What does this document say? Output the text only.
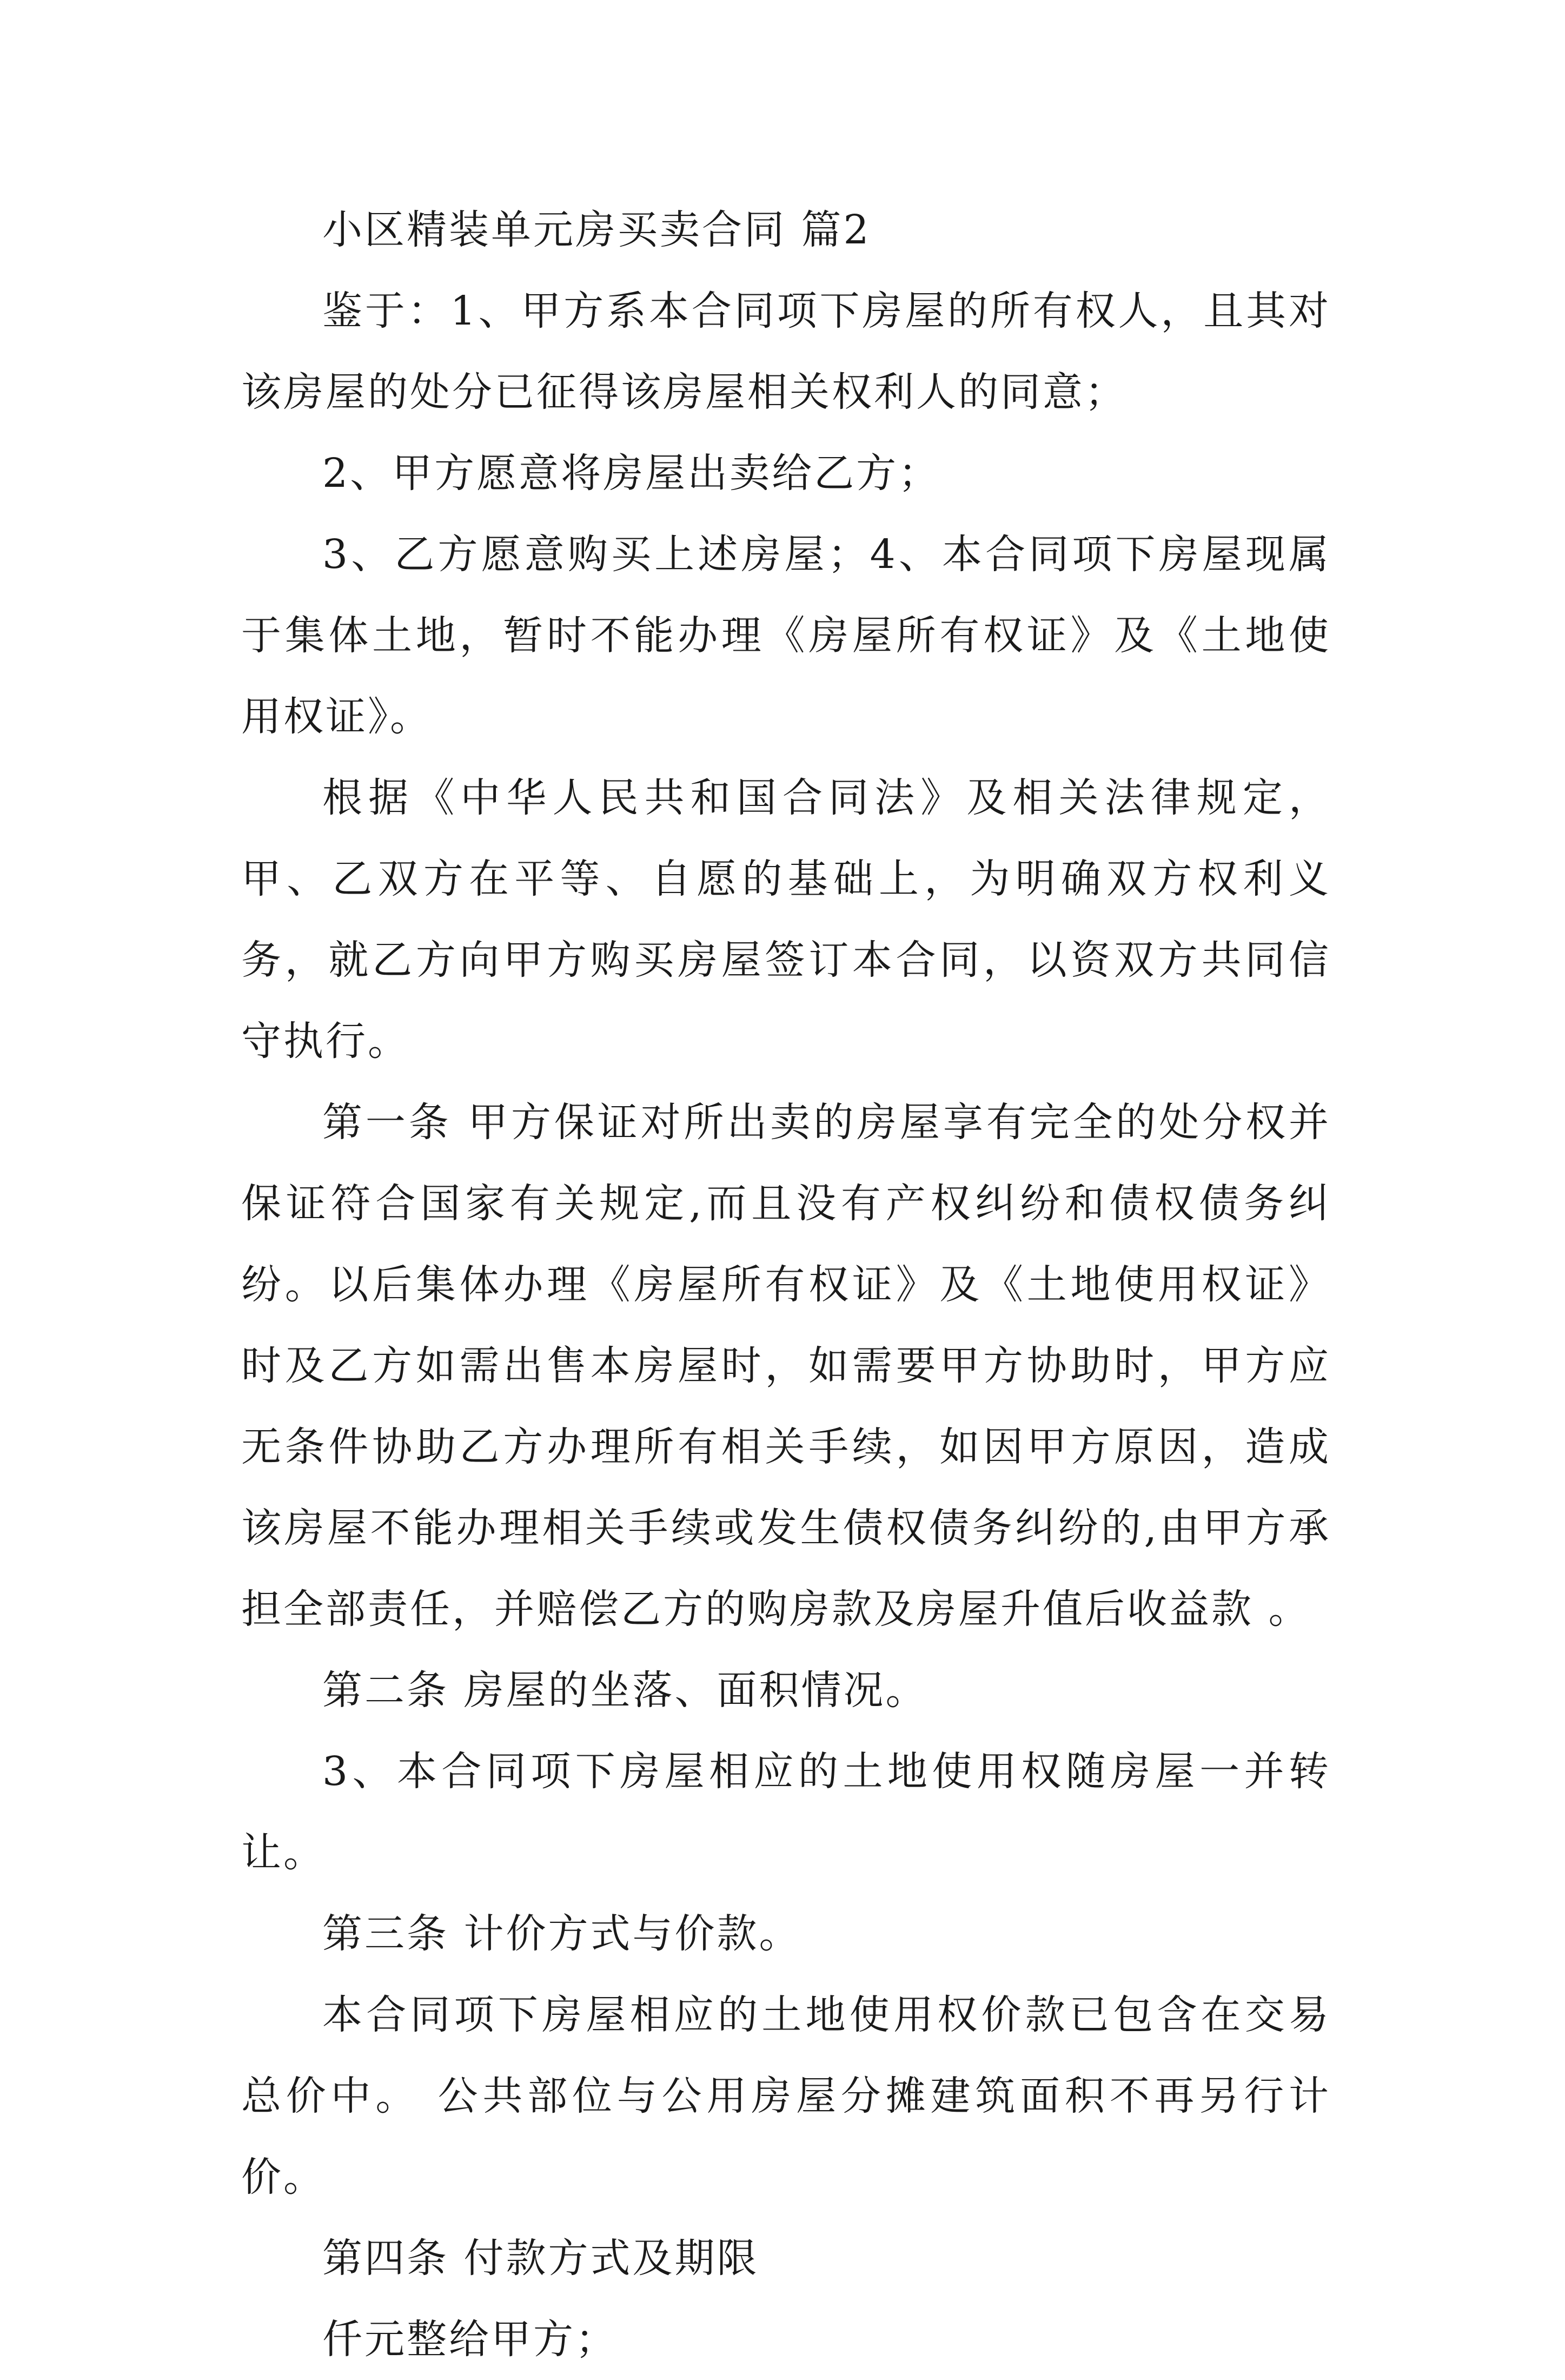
小区精装单元房买卖合同 篇2

鉴于：1、甲方系本合同项下房屋的所有权人，且其对该房屋的处分已征得该房屋相关权利人的同意；

2、甲方愿意将房屋出卖给乙方；

3、乙方愿意购买上述房屋；4、本合同项下房屋现属于集体土地，暂时不能办理《房屋所有权证》及《土地使用权证》。

根据《中华人民共和国合同法》及相关法律规定，甲、乙双方在平等、自愿的基础上，为明确双方权利义务，就乙方向甲方购买房屋签订本合同，以资双方共同信守执行。

第一条 甲方保证对所出卖的房屋享有完全的处分权并保证符合国家有关规定,而且没有产权纠纷和债权债务纠纷。以后集体办理《房屋所有权证》及《土地使用权证》时及乙方如需出售本房屋时，如需要甲方协助时，甲方应无条件协助乙方办理所有相关手续，如因甲方原因，造成该房屋不能办理相关手续或发生债权债务纠纷的,由甲方承担全部责任，并赔偿乙方的购房款及房屋升值后收益款 。

第二条 房屋的坐落、面积情况。

3、本合同项下房屋相应的土地使用权随房屋一并转让。

第三条 计价方式与价款。

本合同项下房屋相应的土地使用权价款已包含在交易总价中。 公共部位与公用房屋分摊建筑面积不再另行计价。

第四条 付款方式及期限

仟元整给甲方；
